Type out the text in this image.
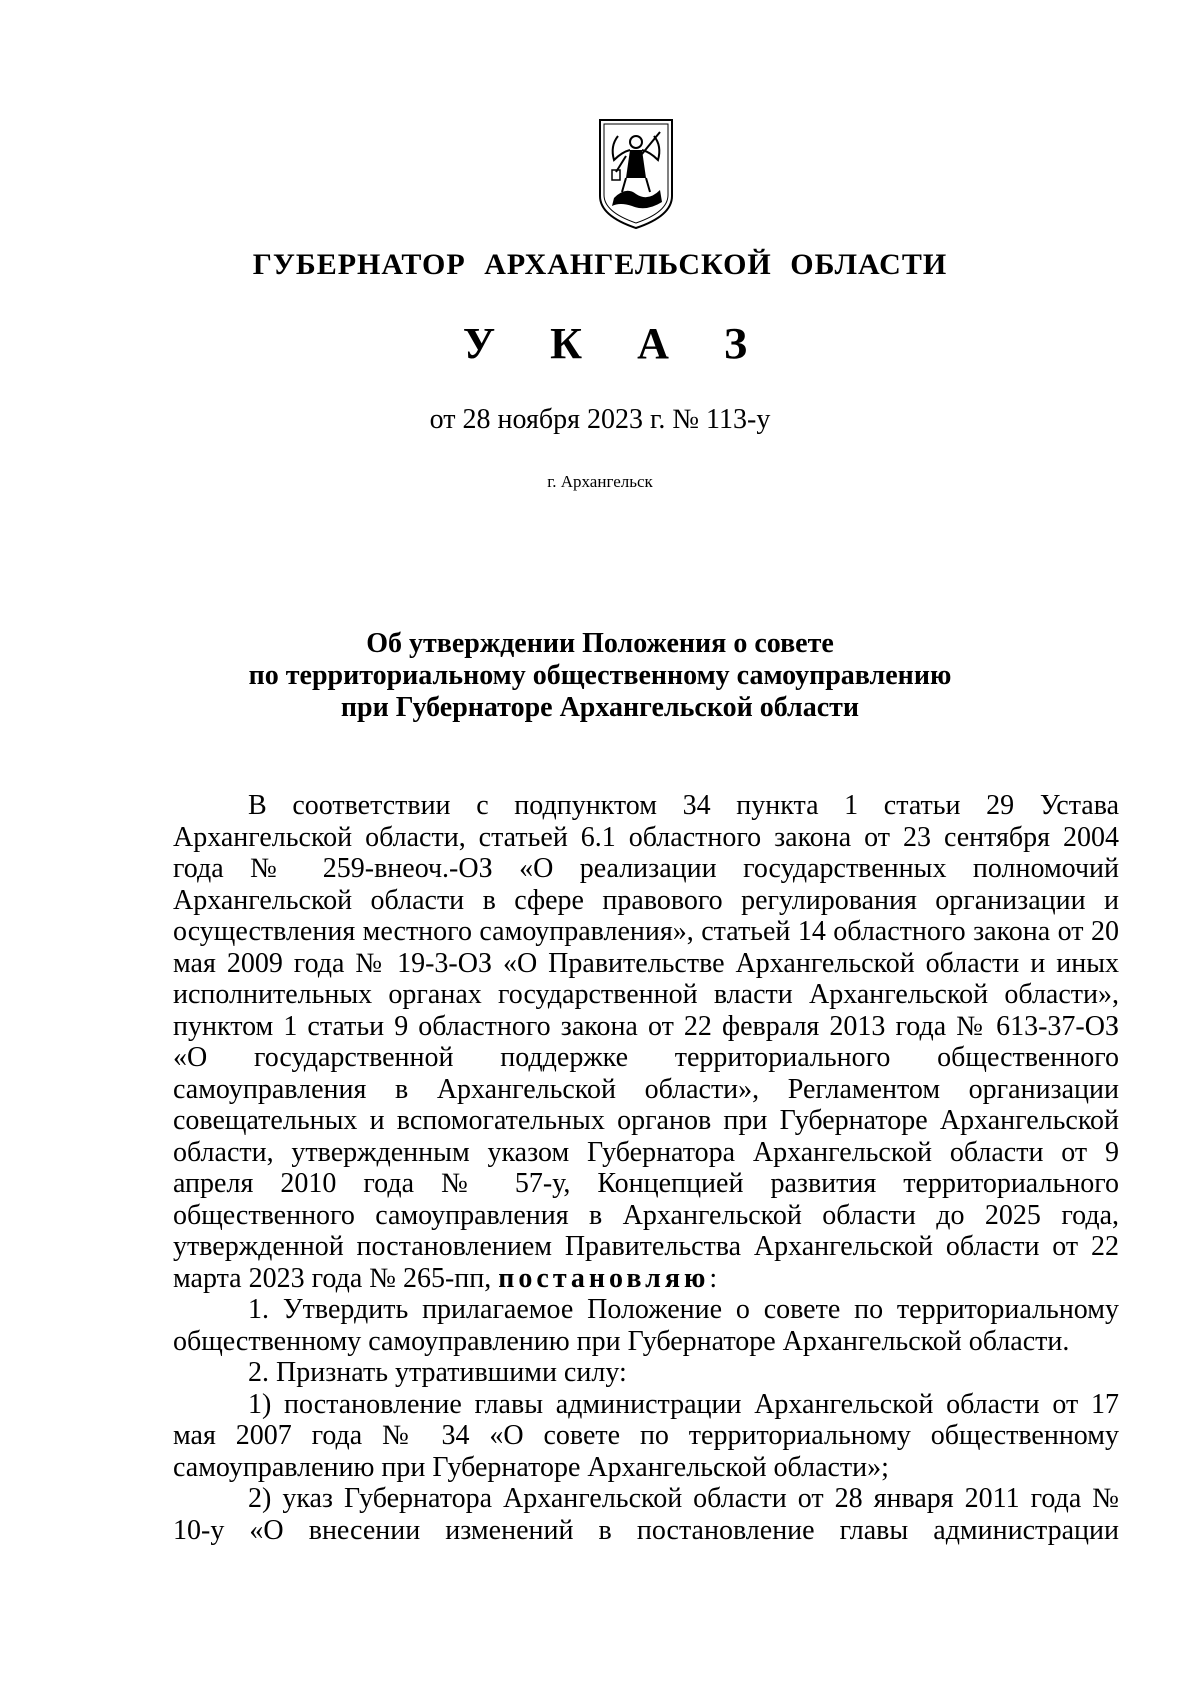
ГУБЕРНАТОР АРХАНГЕЛЬСКОЙ ОБЛАСТИ
У К А З
от 28 ноября 2023 г. № 113-у
г. Архангельск
Об утверждении Положения о совете
по территориальному общественному самоуправлению
при Губернаторе Архангельской области

В соответствии с подпунктом 34 пункта 1 статьи 29 Устава Архангельской области, статьей 6.1 областного закона от 23 сентября 2004 года № 259-внеоч.-ОЗ «О реализации государственных полномочий Архангельской области в сфере правового регулирования организации и осуществления местного самоуправления», статьей 14 областного закона от 20 мая 2009 года № 19-3-ОЗ «О Правительстве Архангельской области и иных исполнительных органах государственной власти Архангельской области», пунктом 1 статьи 9 областного закона от 22 февраля 2013 года № 613-37-ОЗ «О государственной поддержке территориального общественного самоуправления в Архангельской области», Регламентом организации совещательных и вспомогательных органов при Губернаторе Архангельской области, утвержденным указом Губернатора Архангельской области от 9 апреля 2010 года № 57-у, Концепцией развития территориального общественного самоуправления в Архангельской области до 2025 года, утвержденной постановлением Правительства Архангельской области от 22 марта 2023 года № 265-пп, постановляю:

1. Утвердить прилагаемое Положение о совете по территориальному общественному самоуправлению при Губернаторе Архангельской области.

2. Признать утратившими силу:

1) постановление главы администрации Архангельской области от 17 мая 2007 года № 34 «О совете по территориальному общественному самоуправлению при Губернаторе Архангельской области»;

2) указ Губернатора Архангельской области от 28 января 2011 года № 10-у «О внесении изменений в постановление главы администрации
